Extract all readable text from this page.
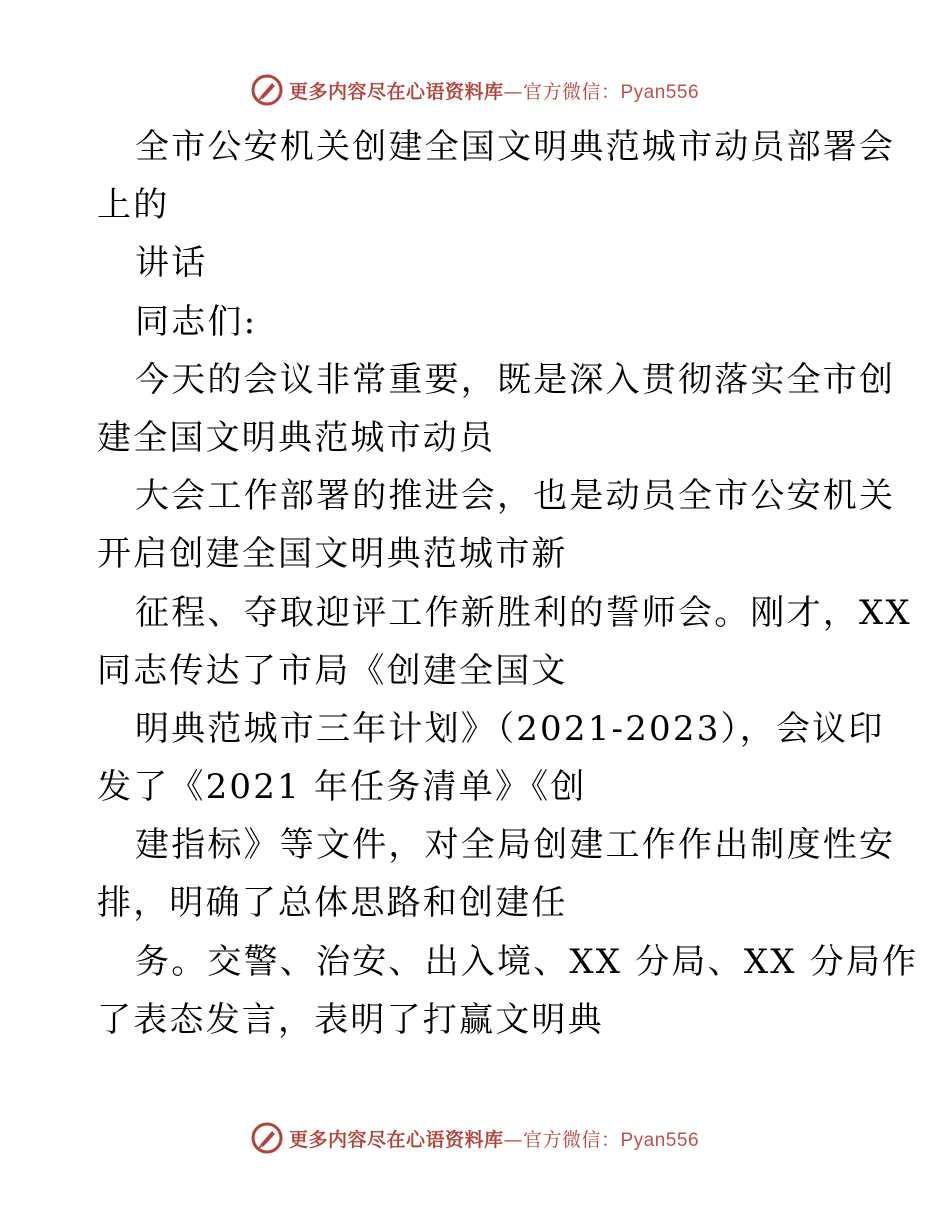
更多内容尽在心语资料库—官方微信：Pyan556
全市公安机关创建全国文明典范城市动员部署会
上的
讲话
同志们:
今天的会议非常重要，既是深入贯彻落实全市创
建全国文明典范城市动员
大会工作部署的推进会，也是动员全市公安机关
开启创建全国文明典范城市新
征程、夺取迎评工作新胜利的誓师会。刚才，XX
同志传达了市局《创建全国文
明典范城市三年计划》（2021-2023），会议印
发了《2021 年任务清单》《创
建指标》等文件，对全局创建工作作出制度性安
排，明确了总体思路和创建任
务。交警、治安、出入境、XX 分局、XX 分局作
了表态发言，表明了打赢文明典
更多内容尽在心语资料库—官方微信：Pyan556
